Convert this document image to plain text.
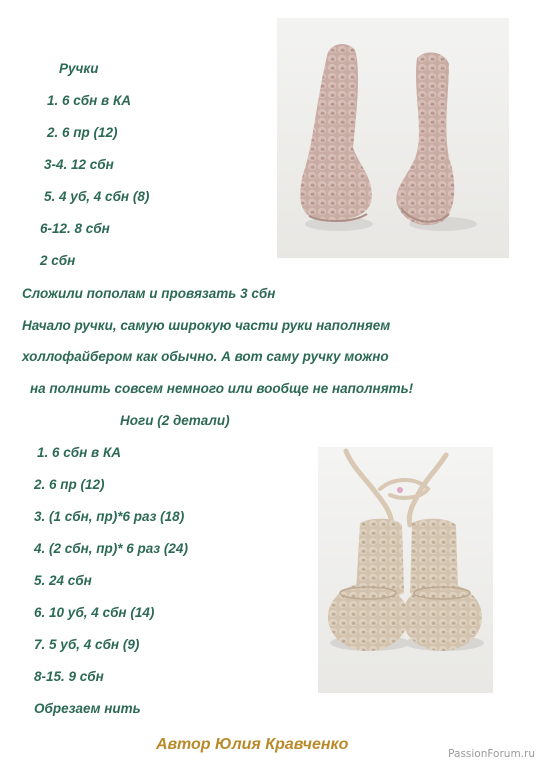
Ручки
1. 6 сбн в КА
2. 6 пр (12)
3-4. 12 сбн
5. 4 уб, 4 сбн (8)
6-12. 8 сбн
2 сбн
Сложили пополам и провязать 3 сбн
Начало ручки, самую широкую части руки наполняем
холлофайбером как обычно. А вот саму ручку можно
на полнить совсем немного или вообще не наполнять!
Ноги (2 детали)
1. 6 сбн в КА
2. 6 пр (12)
3. (1 сбн, пр)*6 раз (18)
4. (2 сбн, пр)* 6 раз (24)
5. 24 сбн
6. 10 уб, 4 сбн (14)
7. 5 уб, 4 сбн (9)
8-15. 9 сбн
Обрезаем нить
Автор Юлия Кравченко
PassionForum.ru
